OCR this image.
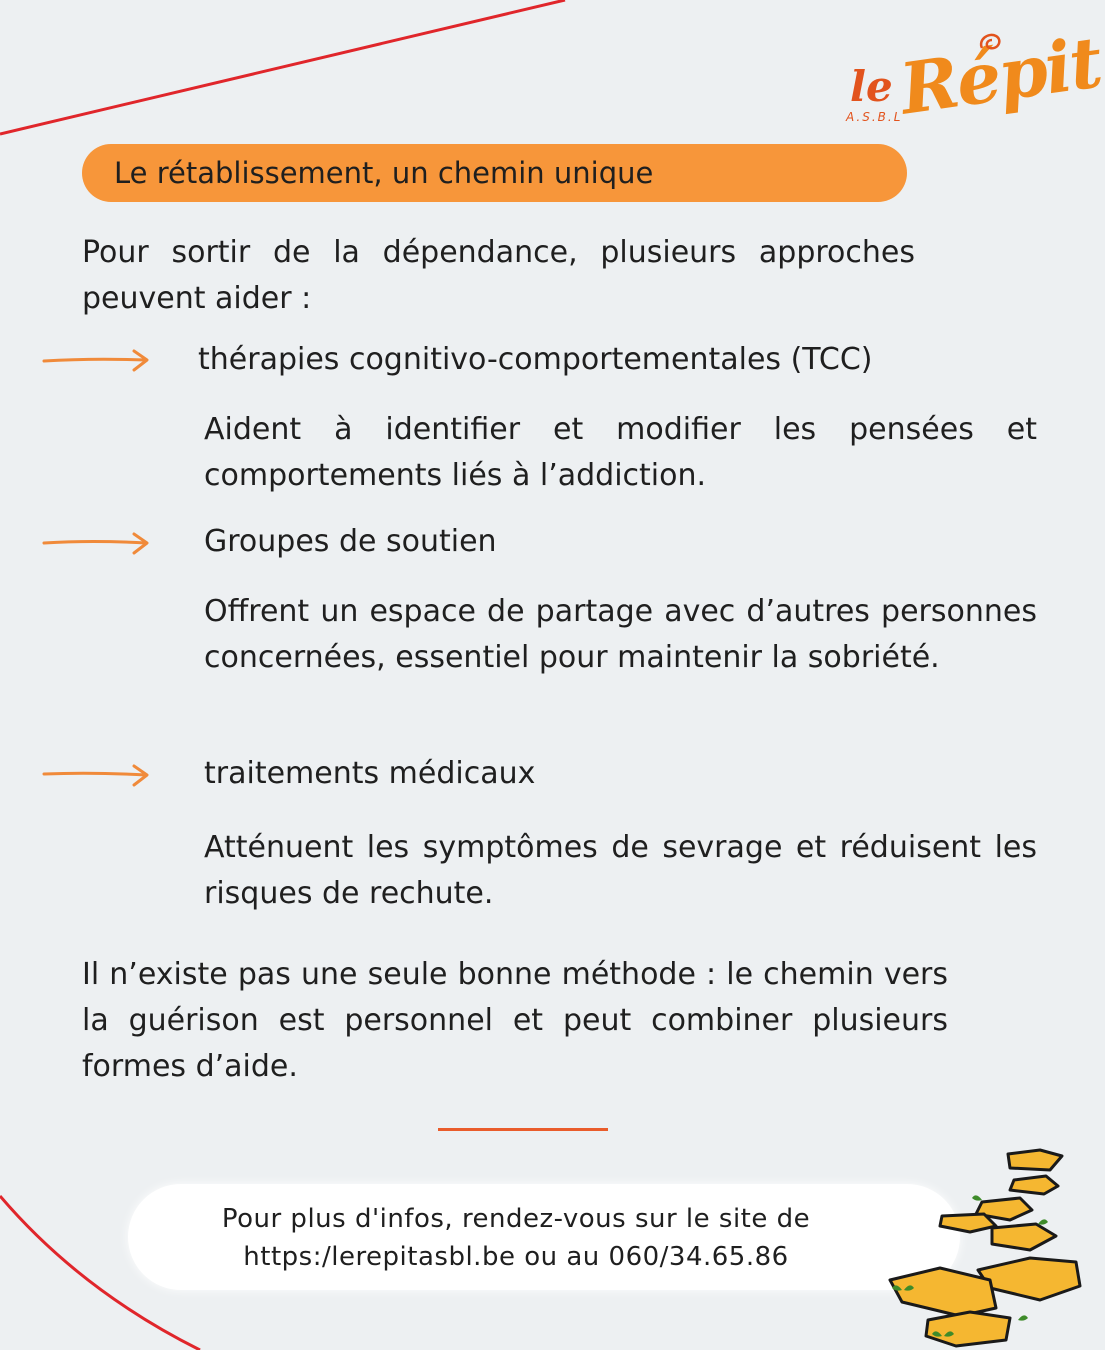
le Répit
A.S.B.L
Le rétablissement, un chemin unique

Pour sortir de la dépendance, plusieurs approches peuvent aider :

thérapies cognitivo-comportementales (TCC)

Aident à identifier et modifier les pensées et comportements liés à l’addiction.

Groupes de soutien

Offrent un espace de partage avec d’autres personnes concernées, essentiel pour maintenir la sobriété.

traitements médicaux

Atténuent les symptômes de sevrage et réduisent les risques de rechute.

Il n’existe pas une seule bonne méthode : le chemin vers la guérison est personnel et peut combiner plusieurs formes d’aide.

Pour plus d'infos, rendez-vous sur le site de
https:/lerepitasbl.be ou au 060/34.65.86
